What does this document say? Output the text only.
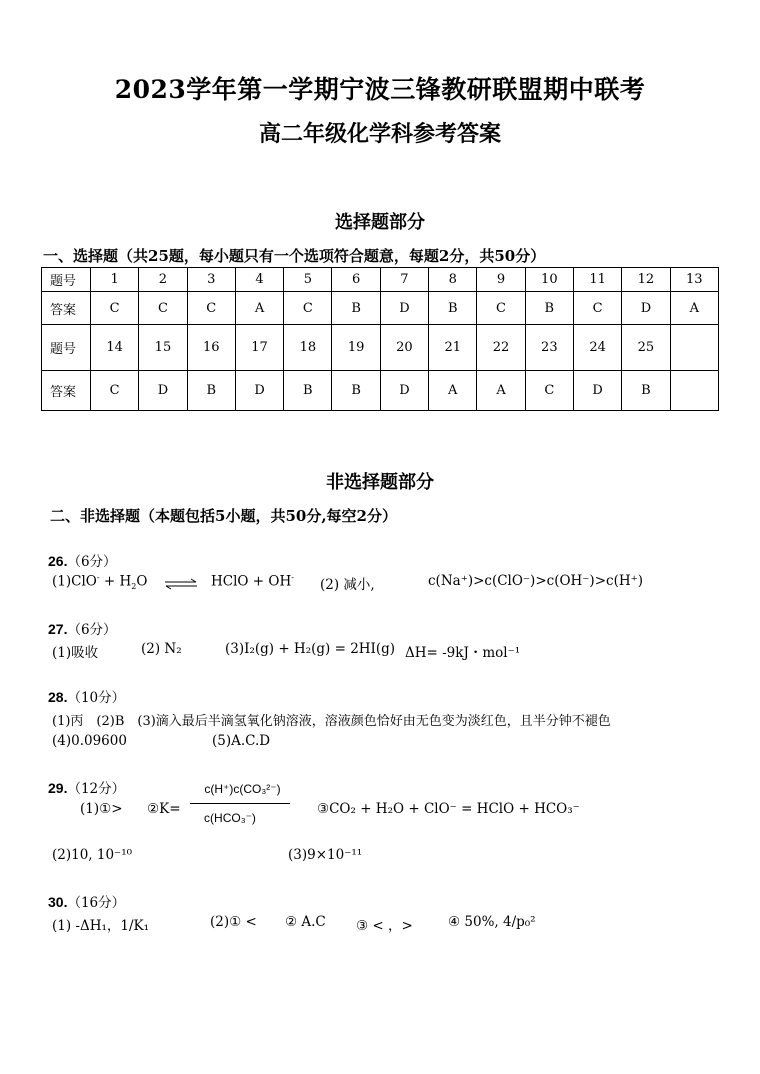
2023学年第一学期宁波三锋教研联盟期中联考
高二年级化学科参考答案
选择题部分
一、选择题（共25题，每小题只有一个选项符合题意，每题2分，共50分）
题号	1	2	3	4	5	6	7	8	9	10	11	12	13
答案	C	C	C	A	C	B	D	B	C	B	C	D	A
题号	14	15	16	17	18	19	20	21	22	23	24	25	
答案	C	D	B	D	B	B	D	A	A	C	D	B	
非选择题部分
二、非选择题（本题包括5小题，共50分,每空2分）
26.（6分）
$(1)ClO^- + H_2O$ ⇌ HClO + OH- (2) 减小,	c(Na⁺)>c(ClO⁻)>c(OH⁻)>c(H⁺)
27.（6分）
(1)吸收	(2) N₂	(3)I₂(g) + H₂(g) = 2HI(g) ΔH= -9kJ・mol⁻¹
28.（10分）
(1)丙　(2)B　(3)滴入最后半滴氢氧化钠溶液，溶液颜色恰好由无色变为淡红色，且半分钟不褪色
(4)0.09600	(5)A.C.D
29.（12分）
(1)①> ②K=
c(H⁺)c(CO₃²⁻)
c(HCO₃⁻)
③CO₂ + H₂O + ClO⁻ = HClO + HCO₃⁻
(2)10, 10⁻¹⁰	(3)9×10⁻¹¹
30.（16分）
(1) -ΔH₁，1/K₁	(2)① < ② A.C ③ < ，>	④ 50%, 4/p₀²
